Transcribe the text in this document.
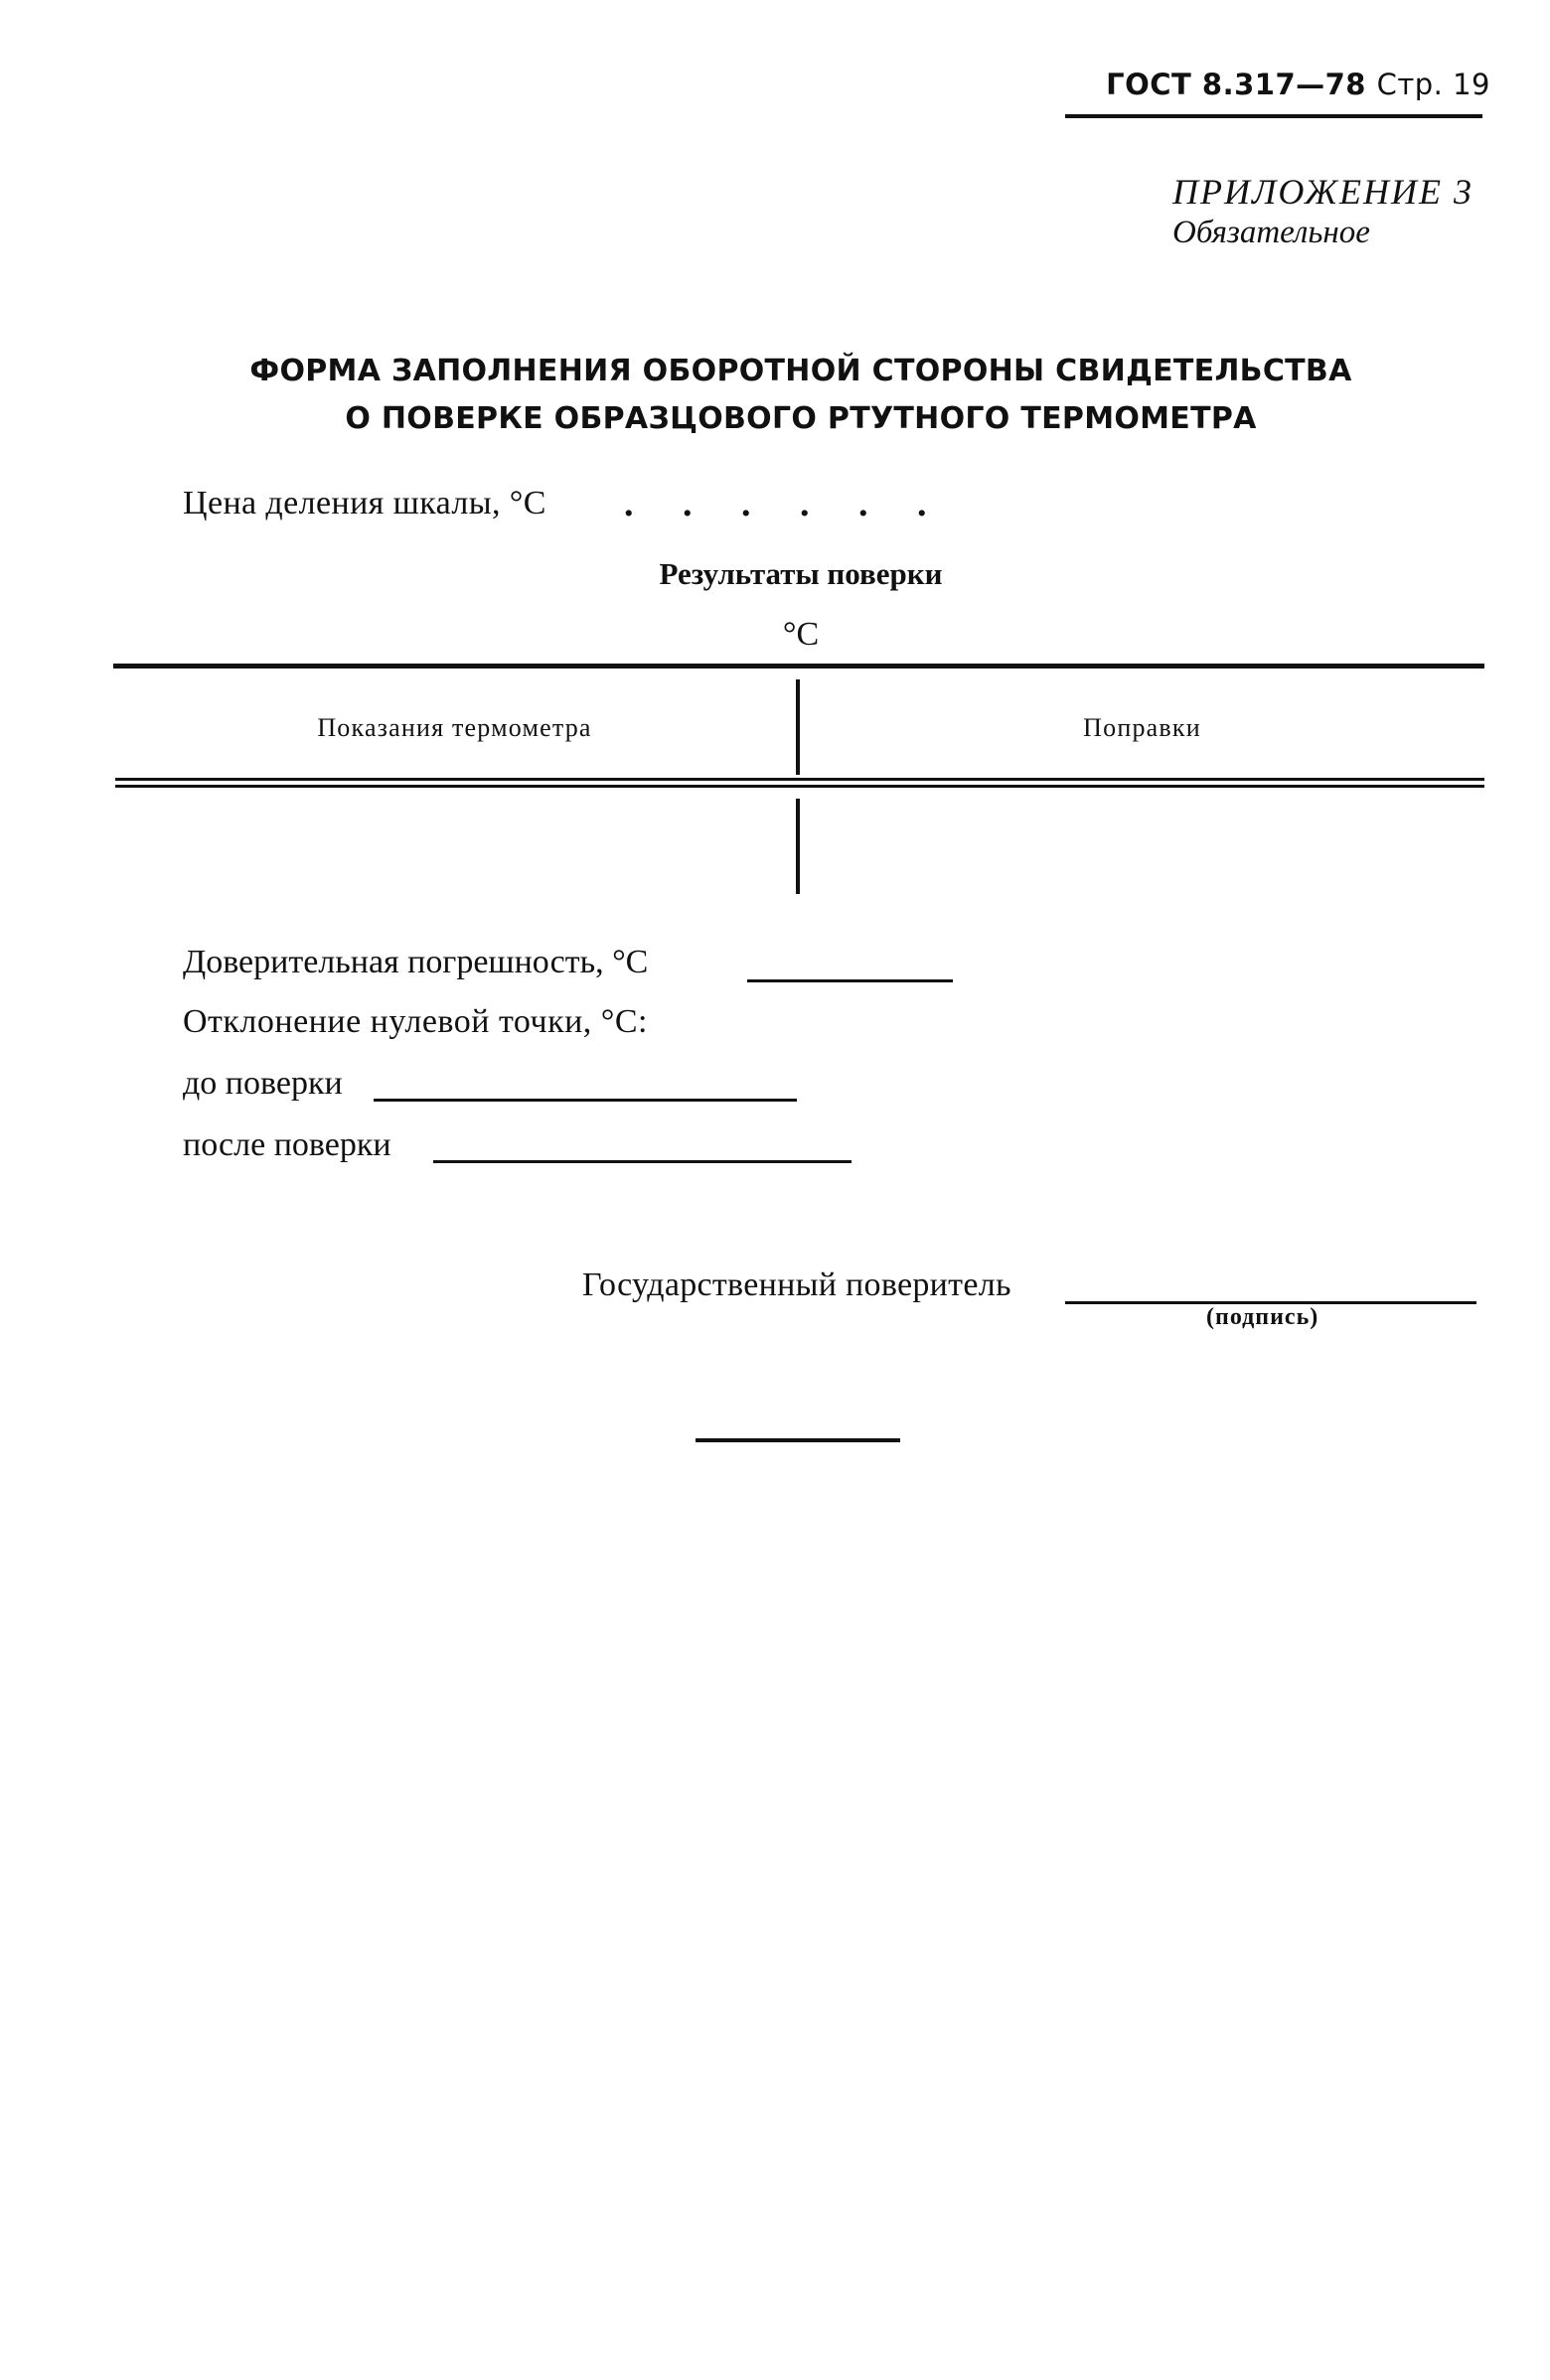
ГОСТ 8.317—78 Стр. 19
ПРИЛОЖЕНИЕ 3
Обязательное
ФОРМА ЗАПОЛНЕНИЯ ОБОРОТНОЙ СТОРОНЫ СВИДЕТЕЛЬСТВА
О ПОВЕРКЕ ОБРАЗЦОВОГО РТУТНОГО ТЕРМОМЕТРА
Цена деления шкалы, °С . . . . . .
Результаты поверки
°С
Показания термометра	Поправки
Доверительная погрешность, °С
Отклонение нулевой точки, °С:
до поверки
после поверки
Государственный поверитель
(подпись)
